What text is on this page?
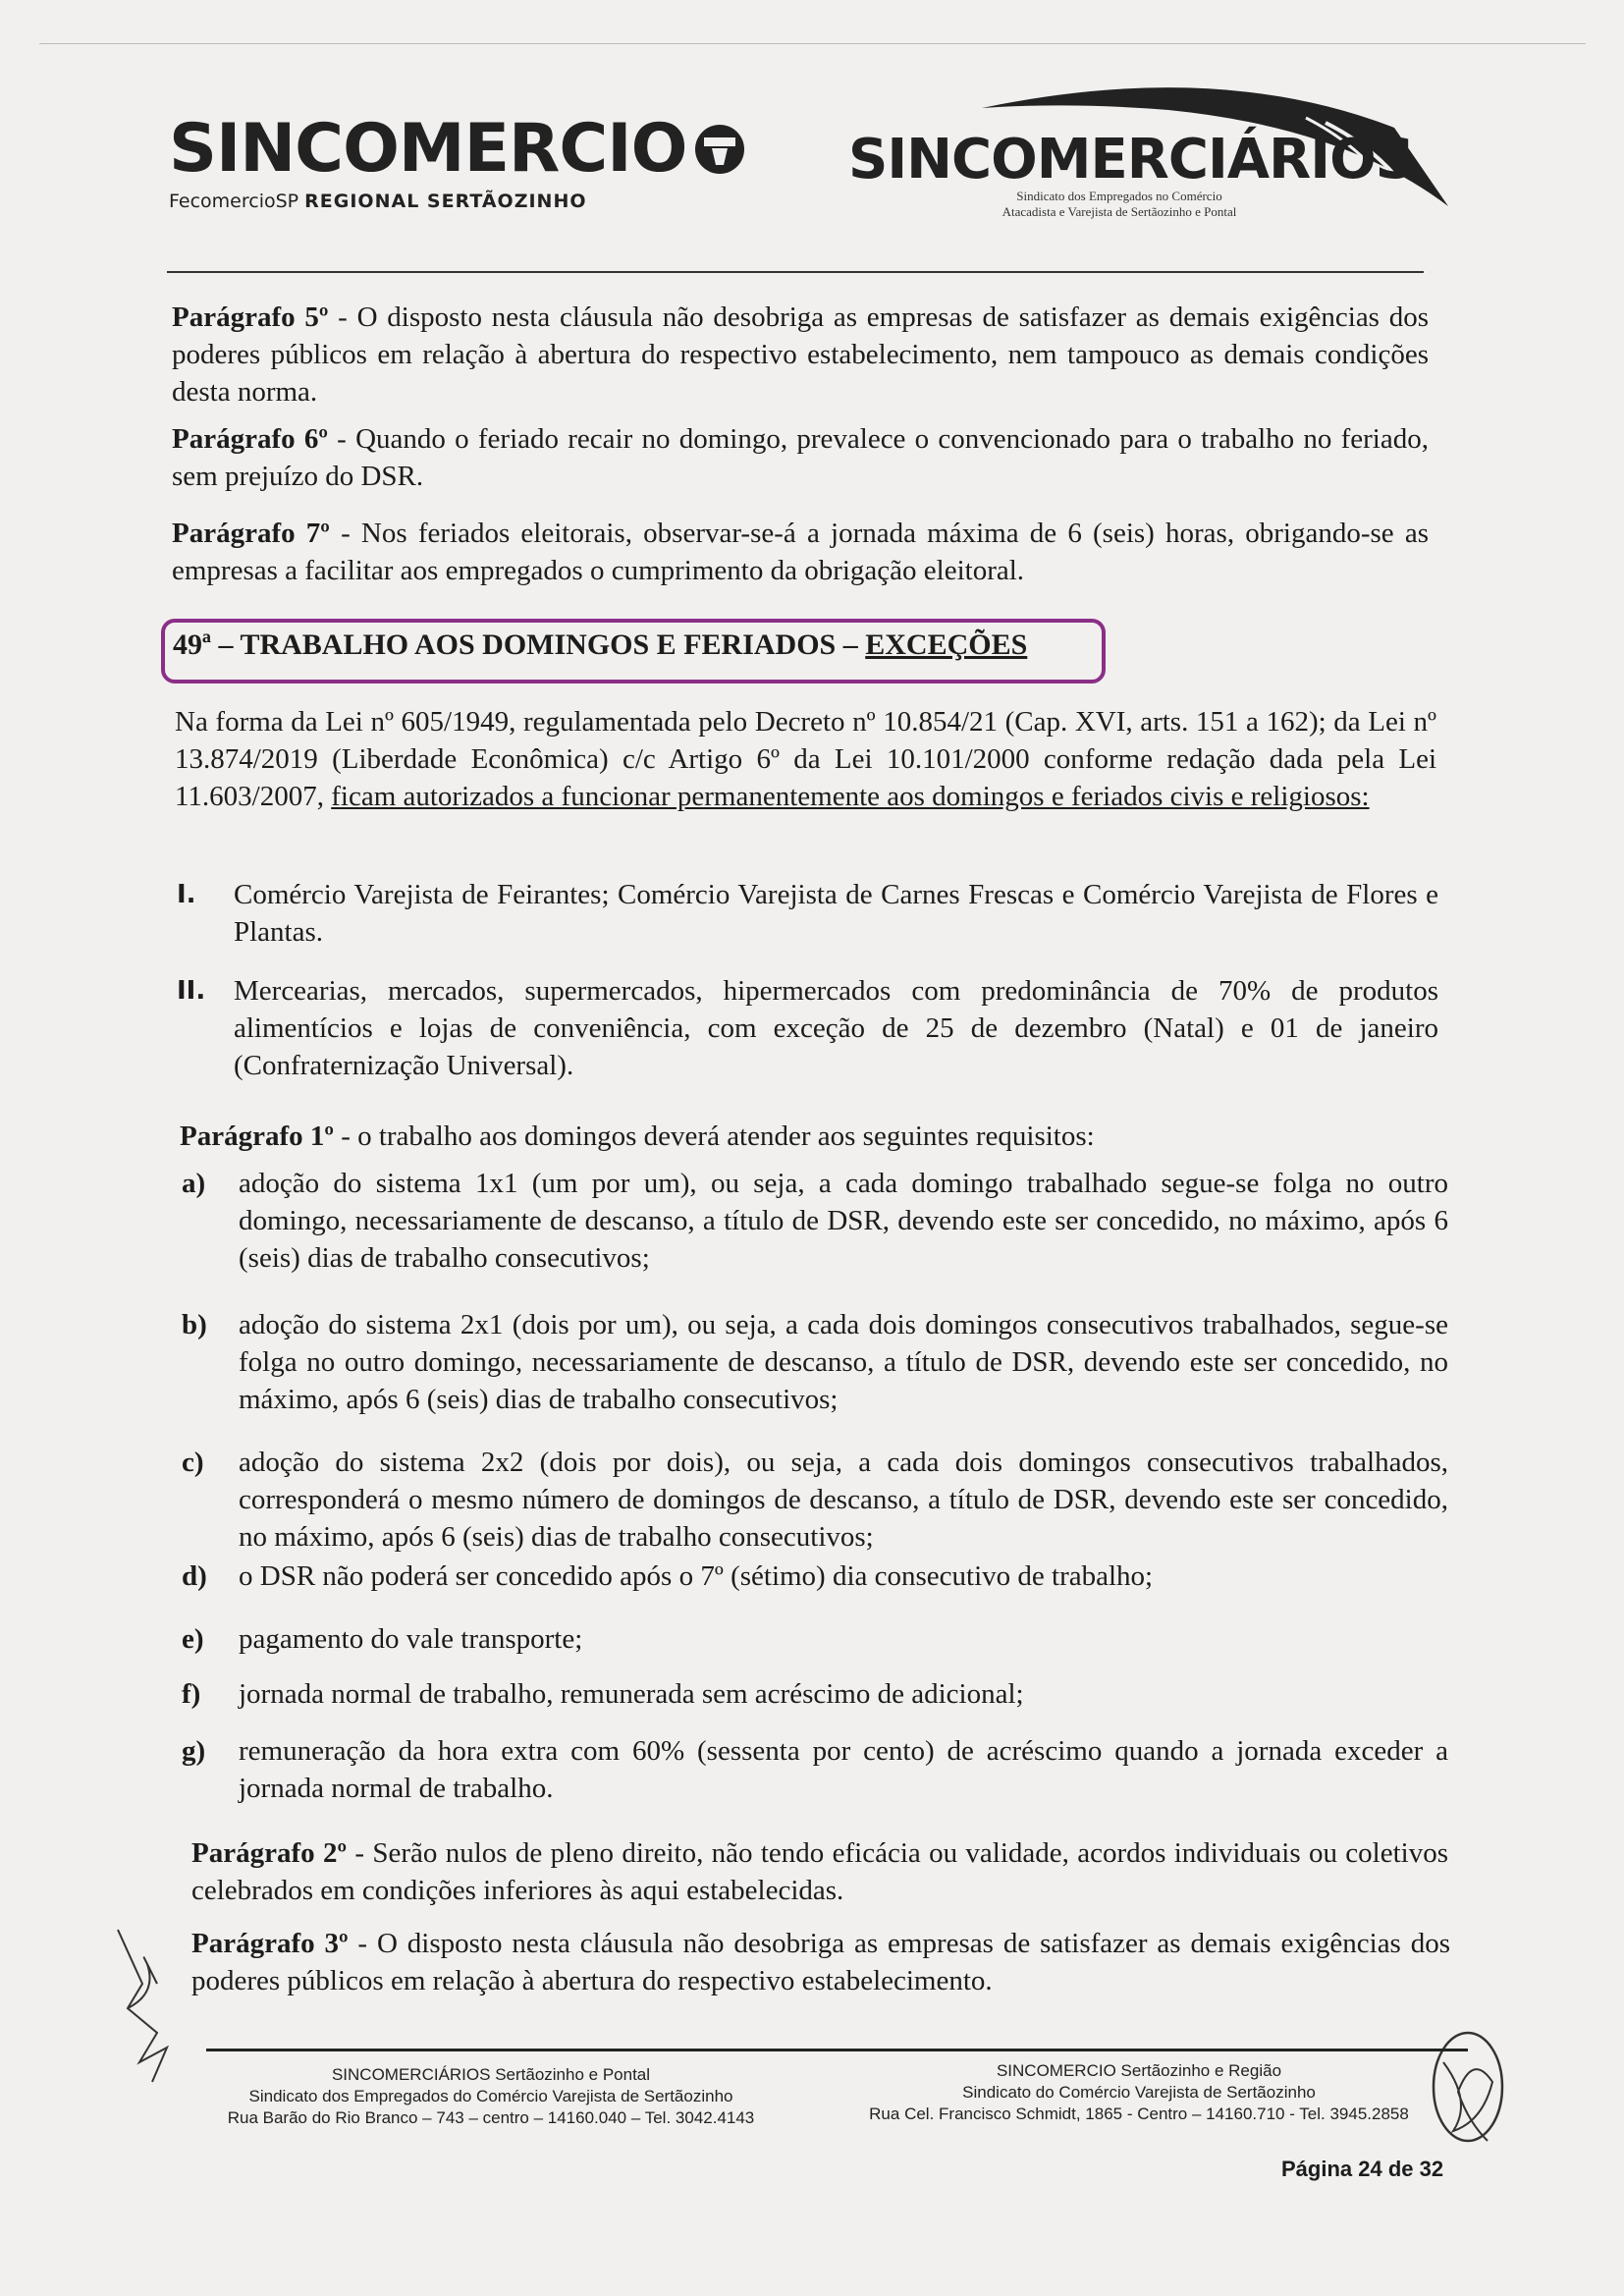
SINCOMERCIO
FecomercioSP REGIONAL SERTÃOZINHO
SINCOMERCIÁRIOS
Sindicato dos Empregados no Comércio
Atacadista e Varejista de Sertãozinho e Pontal
Parágrafo 5º - O disposto nesta cláusula não desobriga as empresas de satisfazer as demais exigências dos poderes públicos em relação à abertura do respectivo estabelecimento, nem tampouco as demais condições desta norma.
Parágrafo 6º - Quando o feriado recair no domingo, prevalece o convencionado para o trabalho no feriado, sem prejuízo do DSR.
Parágrafo 7º - Nos feriados eleitorais, observar-se-á a jornada máxima de 6 (seis) horas, obrigando-se as empresas a facilitar aos empregados o cumprimento da obrigação eleitoral.
49ª – TRABALHO AOS DOMINGOS E FERIADOS – EXCEÇÕES
Na forma da Lei nº 605/1949, regulamentada pelo Decreto nº 10.854/21 (Cap. XVI, arts. 151 a 162); da Lei nº 13.874/2019 (Liberdade Econômica) c/c Artigo 6º da Lei 10.101/2000 conforme redação dada pela Lei 11.603/2007, ficam autorizados a funcionar permanentemente aos domingos e feriados civis e religiosos:
I.	Comércio Varejista de Feirantes; Comércio Varejista de Carnes Frescas e Comércio Varejista de Flores e Plantas.
II. Mercearias, mercados, supermercados, hipermercados com predominância de 70% de produtos alimentícios e lojas de conveniência, com exceção de 25 de dezembro (Natal) e 01 de janeiro (Confraternização Universal).
Parágrafo 1º - o trabalho aos domingos deverá atender aos seguintes requisitos:
a)	adoção do sistema 1x1 (um por um), ou seja, a cada domingo trabalhado segue-se folga no outro domingo, necessariamente de descanso, a título de DSR, devendo este ser concedido, no máximo, após 6 (seis) dias de trabalho consecutivos;
b)	adoção do sistema 2x1 (dois por um), ou seja, a cada dois domingos consecutivos trabalhados, segue-se folga no outro domingo, necessariamente de descanso, a título de DSR, devendo este ser concedido, no máximo, após 6 (seis) dias de trabalho consecutivos;
c)	adoção do sistema 2x2 (dois por dois), ou seja, a cada dois domingos consecutivos trabalhados, corresponderá o mesmo número de domingos de descanso, a título de DSR, devendo este ser concedido, no máximo, após 6 (seis) dias de trabalho consecutivos;
d)	o DSR não poderá ser concedido após o 7º (sétimo) dia consecutivo de trabalho;
e)	pagamento do vale transporte;
f)	jornada normal de trabalho, remunerada sem acréscimo de adicional;
g)	remuneração da hora extra com 60% (sessenta por cento) de acréscimo quando a jornada exceder a jornada normal de trabalho.
Parágrafo 2º - Serão nulos de pleno direito, não tendo eficácia ou validade, acordos individuais ou coletivos celebrados em condições inferiores às aqui estabelecidas.
Parágrafo 3º - O disposto nesta cláusula não desobriga as empresas de satisfazer as demais exigências dos poderes públicos em relação à abertura do respectivo estabelecimento.
SINCOMERCIÁRIOS Sertãozinho e Pontal
Sindicato dos Empregados do Comércio Varejista de Sertãozinho
Rua Barão do Rio Branco – 743 – centro – 14160.040 – Tel. 3042.4143
SINCOMERCIO Sertãozinho e Região
Sindicato do Comércio Varejista de Sertãozinho
Rua Cel. Francisco Schmidt, 1865 - Centro – 14160.710 - Tel. 3945.2858
Página 24 de 32
